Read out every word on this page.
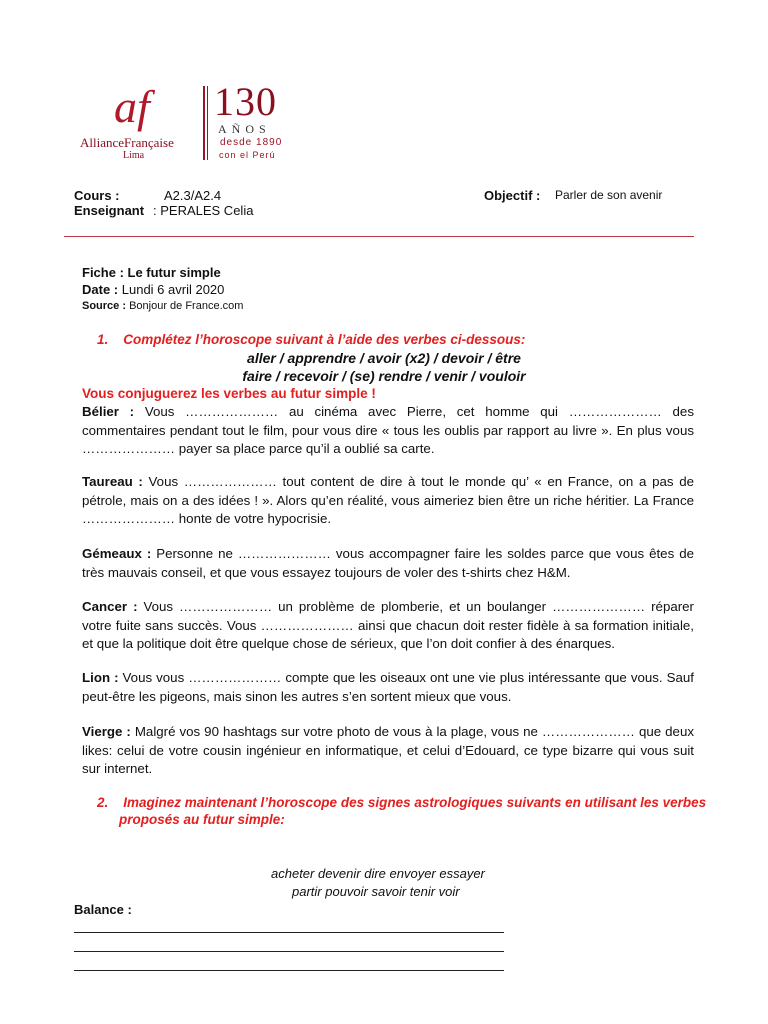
af
AllianceFrançaise
Lima
130
AÑOS
desde 1890
con el Perú
Cours :	A2.3/A2.4
Enseignant : PERALES Celia
Objectif : Parler de son avenir
Fiche : Le futur simple
Date : Lundi 6 avril 2020
Source : Bonjour de France.com
1. Complétez l’horoscope suivant à l’aide des verbes ci-dessous:
aller / apprendre / avoir (x2) / devoir / être
faire / recevoir / (se) rendre / venir / vouloir
Vous conjuguerez les verbes au futur simple !
Bélier : Vous ………………… au cinéma avec Pierre, cet homme qui ………………… des commentaires pendant tout le film, pour vous dire « tous les oublis par rapport au livre ». En plus vous ………………… payer sa place parce qu’il a oublié sa carte.
Taureau : Vous ………………… tout content de dire à tout le monde qu’ « en France, on a pas de pétrole, mais on a des idées ! ». Alors qu’en réalité, vous aimeriez bien être un riche héritier. La France ………………… honte de votre hypocrisie.
Gémeaux : Personne ne ………………… vous accompagner faire les soldes parce que vous êtes de très mauvais conseil, et que vous essayez toujours de voler des t-shirts chez H&M.
Cancer : Vous ………………… un problème de plomberie, et un boulanger ………………… réparer votre fuite sans succès. Vous ………………… ainsi que chacun doit rester fidèle à sa formation initiale, et que la politique doit être quelque chose de sérieux, que l’on doit confier à des énarques.
Lion : Vous vous ………………… compte que les oiseaux ont une vie plus intéressante que vous. Sauf peut-être les pigeons, mais sinon les autres s’en sortent mieux que vous.
Vierge : Malgré vos 90 hashtags sur votre photo de vous à la plage, vous ne ………………… que deux likes: celui de votre cousin ingénieur en informatique, et celui d’Edouard, ce type bizarre qui vous suit sur internet.
2. Imaginez maintenant l’horoscope des signes astrologiques suivants en utilisant les verbes
proposés au futur simple:
acheter devenir dire envoyer essayer
partir pouvoir savoir tenir voir
Balance :
